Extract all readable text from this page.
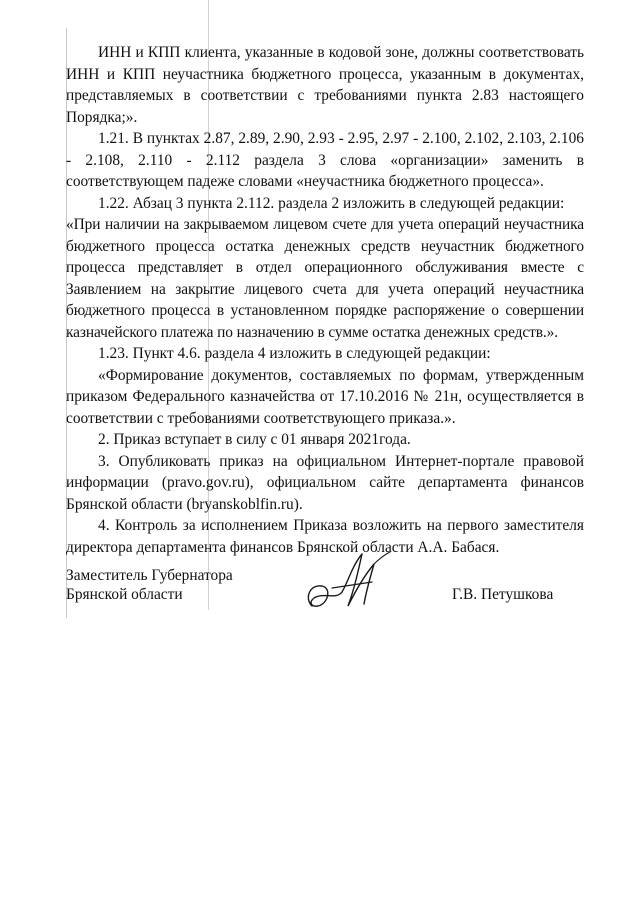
ИНН и КПП клиента, указанные в кодовой зоне, должны соответствовать ИНН и КПП неучастника бюджетного процесса, указанным в документах, представляемых в соответствии с требованиями пункта 2.83 настоящего Порядка;».

1.21. В пунктах 2.87, 2.89, 2.90, 2.93 - 2.95, 2.97 - 2.100, 2.102, 2.103, 2.106 - 2.108, 2.110 - 2.112 раздела 3 слова «организации» заменить в соответствующем падеже словами «неучастника бюджетного процесса».

1.22. Абзац 3 пункта 2.112. раздела 2 изложить в следующей редакции:

«При наличии на закрываемом лицевом счете для учета операций неучастника бюджетного процесса остатка денежных средств неучастник бюджетного процесса представляет в отдел операционного обслуживания вместе с Заявлением на закрытие лицевого счета для учета операций неучастника бюджетного процесса в установленном порядке распоряжение о совершении казначейского платежа по назначению в сумме остатка денежных средств.».

1.23. Пункт 4.6. раздела 4 изложить в следующей редакции:

«Формирование документов, составляемых по формам, утвержденным приказом Федерального казначейства от 17.10.2016 № 21н, осуществляется в соответствии с требованиями соответствующего приказа.».

2. Приказ вступает в силу с 01 января 2021года.

3. Опубликовать приказ на официальном Интернет-портале правовой информации (pravo.gov.ru), официальном сайте департамента финансов Брянской области (bryanskoblfin.ru).

4. Контроль за исполнением Приказа возложить на первого заместителя директора департамента финансов Брянской области А.А. Бабася.

Заместитель Губернатора
Брянской области	Г.В. Петушкова
